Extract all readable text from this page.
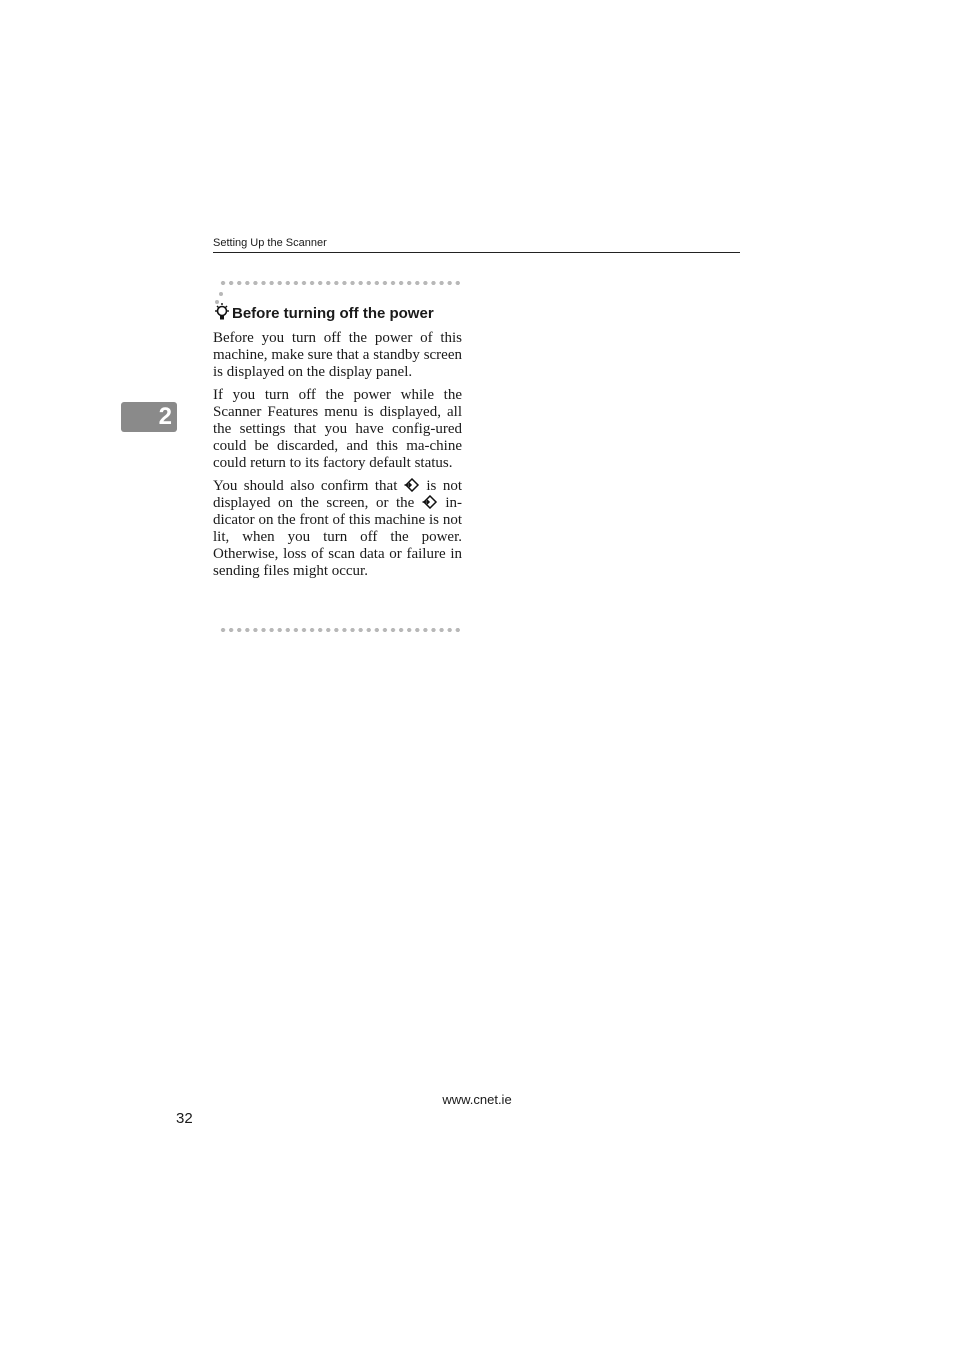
Setting Up the Scanner
2
Before turning off the power

Before you turn off the power of this machine, make sure that a standby screen is displayed on the display panel.

If you turn off the power while the Scanner Features menu is displayed, all the settings that you have config-ured could be discarded, and this ma-chine could return to its factory default status.

You should also confirm that  is not displayed on the screen, or the  in-dicator on the front of this machine is not lit, when you turn off the power. Otherwise, loss of scan data or failure in sending files might occur.

www.cnet.ie
32
